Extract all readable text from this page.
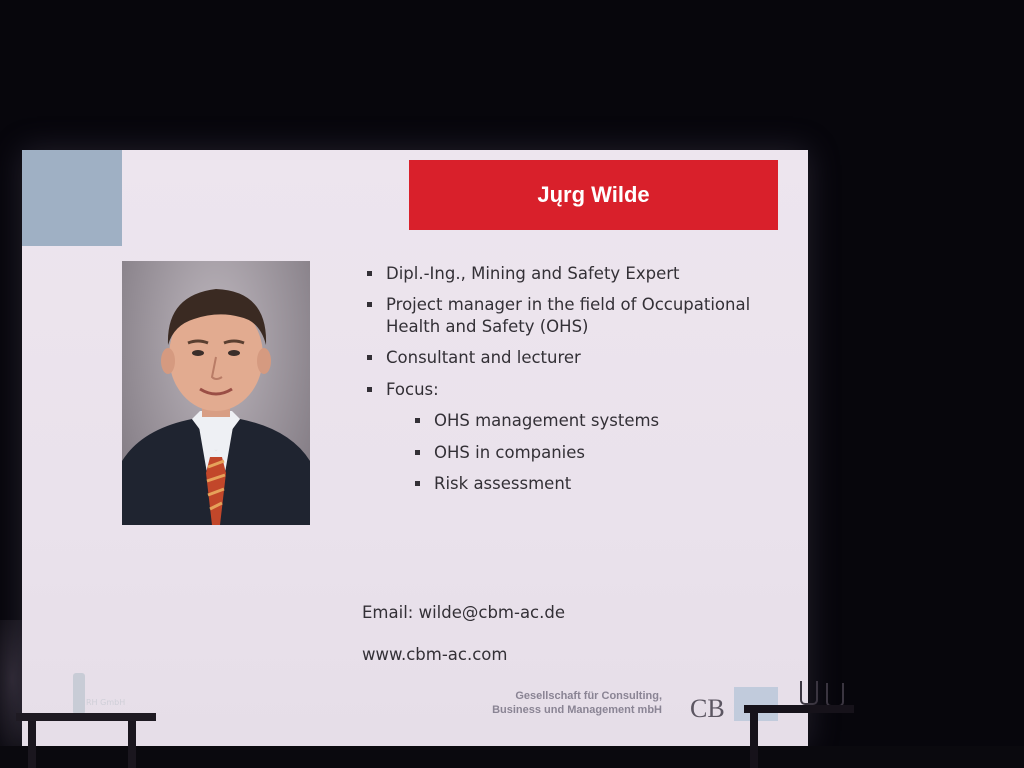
Jųrg Wilde
Dipl.-Ing., Mining and Safety Expert
Project manager in the field of Occupational Health and Safety (OHS)
Consultant and lecturer
Focus:
OHS management systems
OHS in companies
Risk assessment
Email: wilde@cbm-ac.de
www.cbm-ac.com
Gesellschaft für Consulting,
Business und Management mbH CB
RH GmbH
